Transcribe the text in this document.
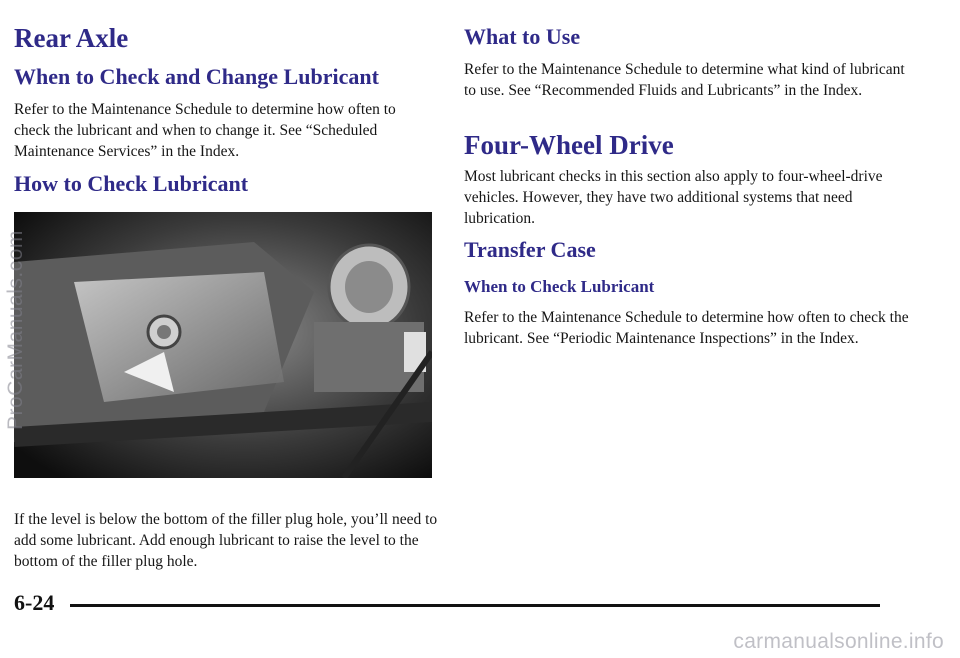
Rear Axle
When to Check and Change Lubricant

Refer to the Maintenance Schedule to determine how often to check the lubricant and when to change it. See “Scheduled Maintenance Services” in the Index.

How to Check Lubricant

If the level is below the bottom of the filler plug hole, you’ll need to add some lubricant. Add enough lubricant to raise the level to the bottom of the filler plug hole.

What to Use

Refer to the Maintenance Schedule to determine what kind of lubricant to use. See “Recommended Fluids and Lubricants” in the Index.

Four-Wheel Drive

Most lubricant checks in this section also apply to four-wheel-drive vehicles. However, they have two additional systems that need lubrication.

Transfer Case
When to Check Lubricant

Refer to the Maintenance Schedule to determine how often to check the lubricant. See “Periodic Maintenance Inspections” in the Index.

6-24
ProCarManuals.com
carmanualsonline.info
